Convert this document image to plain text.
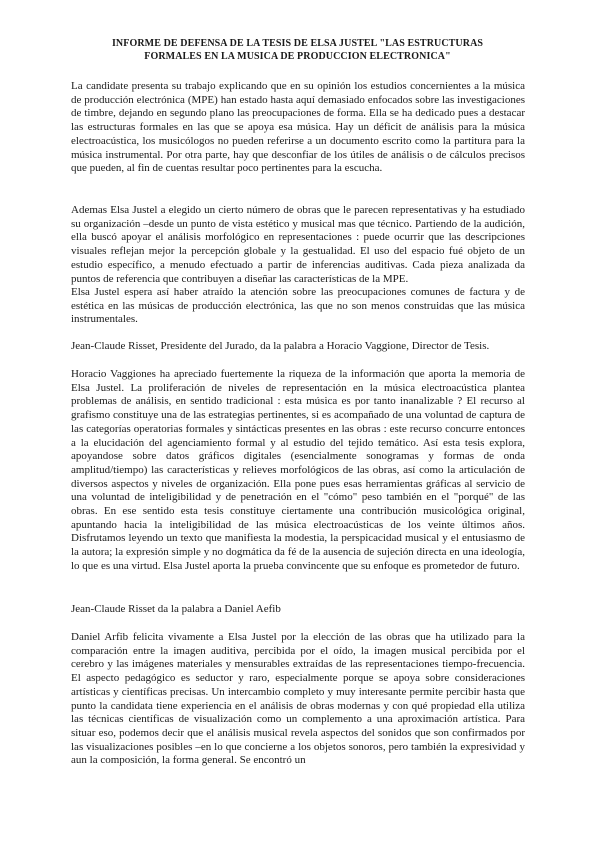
INFORME DE DEFENSA DE LA TESIS DE ELSA JUSTEL "LAS ESTRUCTURAS
FORMALES EN LA MUSICA DE PRODUCCION ELECTRONICA"

La candidate presenta su trabajo explicando que en su opinión los estudios concernientes a la música de producción electrónica (MPE) han estado hasta aquí demasiado enfocados sobre las investigaciones de timbre, dejando en segundo plano las preocupaciones de forma. Ella se ha dedicado pues a destacar las estructuras formales en las que se apoya esa música. Hay un déficit de análisis para la música electroacústica, los musicólogos no pueden referirse a un documento escrito como la partitura para la música instrumental. Por otra parte, hay que desconfiar de los útiles de análisis o de cálculos precisos que pueden, al fin de cuentas resultar poco pertinentes para la escucha.

Ademas Elsa Justel a elegido un cierto número de obras que le parecen representativas y ha estudiado su organización –desde un punto de vista estético y musical mas que técnico. Partiendo de la audición, ella buscó apoyar el análisis morfológico en representaciones : puede ocurrir que las descripciones visuales reflejan mejor la percepción globale y la gestualidad. El uso del espacio fué objeto de un estudio específico, a menudo efectuado a partir de inferencias auditivas. Cada pieza analizada da puntos de referencia que contribuyen a diseñar las características de la MPE.

Elsa Justel espera así haber atraído la atención sobre las preocupaciones comunes de factura y de estética en las músicas de producción electrónica, las que no son menos construidas que las música instrumentales.

Jean-Claude Risset, Presidente del Jurado, da la palabra a Horacio Vaggione, Director de Tesis.

Horacio Vaggiones ha apreciado fuertemente la riqueza de la información que aporta la memoria de Elsa Justel. La proliferación de niveles de representación en la música electroacústica plantea problemas de análisis, en sentido tradicional : esta música es por tanto inanalizable ? El recurso al grafismo constituye una de las estrategias pertinentes, si es acompañado de una voluntad de captura de las categorías operatorias formales y sintácticas presentes en las obras : este recurso concurre entonces a la elucidación del agenciamiento formal y al estudio del tejido temático. Así esta tesis explora, apoyandose sobre datos gráficos digitales (esencialmente sonogramas y formas de onda amplitud/tiempo) las características y relieves morfológicos de las obras, así como la articulación de diversos aspectos y niveles de organización. Ella pone pues esas herramientas gráficas al servicio de una voluntad de inteligibilidad y de penetración en el "cómo" peso también en el "porqué" de las obras. En ese sentido esta tesis constituye ciertamente una contribución musicológica original, apuntando hacia la inteligibilidad de las música electroacústicas de los veinte últimos años. Disfrutamos leyendo un texto que manifiesta la modestia, la perspicacidad musical y el entusiasmo de la autora; la expresión simple y no dogmática da fé de la ausencia de sujeción directa en una ideología, lo que es una virtud. Elsa Justel aporta la prueba convincente que su enfoque es prometedor de futuro.

Jean-Claude Risset da la palabra a Daniel Aefib

Daniel Arfib felicita vivamente a Elsa Justel por la elección de las obras que ha utilizado para la comparación entre la imagen auditiva, percibida por el oído, la imagen musical percibida por el cerebro y las imágenes materiales y mensurables extraídas de las representaciones tiempo-frecuencia. El aspecto pedagógico es seductor y raro, especialmente porque se apoya sobre consideraciones artísticas y científicas precisas. Un intercambio completo y muy interesante permite percibir hasta que punto la candidata tiene experiencia en el análisis de obras modernas y con qué propiedad ella utiliza las técnicas científicas de visualización como un complemento a una aproximación artística. Para situar eso, podemos decir que el análisis musical revela aspectos del sonidos que son confirmados por las visualizaciones posibles –en lo que concierne a los objetos sonoros, pero también la expresividad y aun la composición, la forma general. Se encontró un
